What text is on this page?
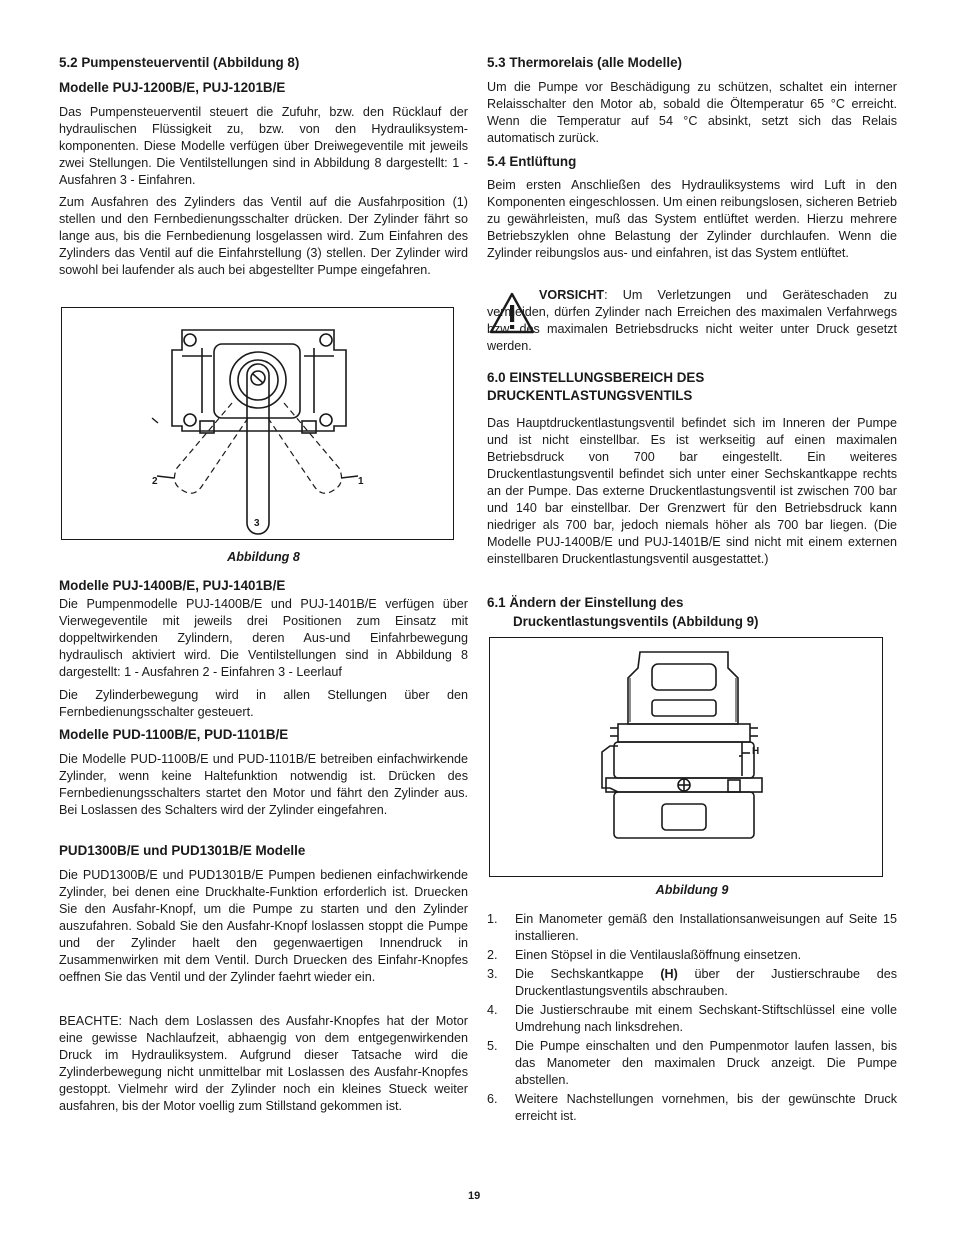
5.2 Pumpensteuerventil (Abbildung 8)
Modelle PUJ-1200B/E, PUJ-1201B/E

Das Pumpensteuerventil steuert die Zufuhr, bzw. den Rücklauf der hydraulischen Flüssigkeit zu, bzw. von den Hydrauliksystem-komponenten. Diese Modelle verfügen über Dreiwegeventile mit jeweils zwei Stellungen. Die Ventilstellungen sind in Abbildung 8 dargestellt: 1 - Ausfahren 3 - Einfahren.

Zum Ausfahren des Zylinders das Ventil auf die Ausfahrposition (1) stellen und den Fernbedienungsschalter drücken. Der Zylinder fährt so lange aus, bis die Fernbedienung losgelassen wird. Zum Einfahren des Zylinders das Ventil auf die Einfahrstellung (3) stellen. Der Zylinder wird sowohl bei laufender als auch bei abgestellter Pumpe eingefahren.

2	1
3
Abbildung 8
Modelle PUJ-1400B/E, PUJ-1401B/E

Die Pumpenmodelle PUJ-1400B/E und PUJ-1401B/E verfügen über Vierwegeventile mit jeweils drei Positionen zum Einsatz mit doppeltwirkenden Zylindern, deren Aus-und Einfahrbewegung hydraulisch aktiviert wird. Die Ventilstellungen sind in Abbildung 8 dargestellt: 1 - Ausfahren 2 - Einfahren 3 - Leerlauf

Die Zylinderbewegung wird in allen Stellungen über den Fernbedienungsschalter gesteuert.

Modelle PUD-1100B/E, PUD-1101B/E

Die Modelle PUD-1100B/E und PUD-1101B/E betreiben einfachwirkende Zylinder, wenn keine Haltefunktion notwendig ist. Drücken des Fernbedienungsschalters startet den Motor und fährt den Zylinder aus. Bei Loslassen des Schalters wird der Zylinder eingefahren.

PUD1300B/E und PUD1301B/E Modelle

Die PUD1300B/E und PUD1301B/E Pumpen bedienen einfachwirkende Zylinder, bei denen eine Druckhalte-Funktion erforderlich ist. Druecken Sie den Ausfahr-Knopf, um die Pumpe zu starten und den Zylinder auszufahren. Sobald Sie den Ausfahr-Knopf loslassen stoppt die Pumpe und der Zylinder haelt den gegenwaertigen Innendruck in Zusammenwirken mit dem Ventil. Durch Druecken des Einfahr-Knopfes oeffnen Sie das Ventil und der Zylinder faehrt wieder ein.

BEACHTE: Nach dem Loslassen des Ausfahr-Knopfes hat der Motor eine gewisse Nachlaufzeit, abhaengig von dem entgegenwirkenden Druck im Hydrauliksystem. Aufgrund dieser Tatsache wird die Zylinderbewegung nicht unmittelbar mit Loslassen des Ausfahr-Knopfes gestoppt. Vielmehr wird der Zylinder noch ein kleines Stueck weiter ausfahren, bis der Motor voellig zum Stillstand gekommen ist.

5.3 Thermorelais (alle Modelle)

Um die Pumpe vor Beschädigung zu schützen, schaltet ein interner Relaisschalter den Motor ab, sobald die Öltemperatur 65 °C erreicht. Wenn die Temperatur auf 54 °C absinkt, setzt sich das Relais automatisch zurück.

5.4 Entlüftung

Beim ersten Anschließen des Hydrauliksystems wird Luft in den Komponenten eingeschlossen. Um einen reibungslosen, sicheren Betrieb zu gewährleisten, muß das System entlüftet werden. Hierzu mehrere Betriebszyklen ohne Belastung der Zylinder durchlaufen. Wenn die Zylinder reibungslos aus- und einfahren, ist das System entlüftet.

VORSICHT: Um Verletzungen und Geräteschaden zu vermeiden, dürfen Zylinder nach Erreichen des maximalen Verfahrwegs bzw. des maximalen Betriebsdrucks nicht weiter unter Druck gesetzt werden.

6.0 EINSTELLUNGSBEREICH DES
DRUCKENTLASTUNGSVENTILS

Das Hauptdruckentlastungsventil befindet sich im Inneren der Pumpe und ist nicht einstellbar. Es ist werkseitig auf einen maximalen Betriebsdruck von 700 bar eingestellt. Ein weiteres Druckentlastungsventil befindet sich unter einer Sechskantkappe rechts an der Pumpe. Das externe Druckentlastungsventil ist zwischen 700 bar und 140 bar einstellbar. Der Grenzwert für den Betriebsdruck kann niedriger als 700 bar, jedoch niemals höher als 700 bar liegen. (Die Modelle PUJ-1400B/E und PUJ-1401B/E sind nicht mit einem externen einstellbaren Druckentlastungsventil ausgestattet.)

6.1 Ändern der Einstellung des
Druckentlastungsventils (Abbildung 9)
H
Abbildung 9
1. Ein Manometer gemäß den Installationsanweisungen auf Seite 15 installieren.
2. Einen Stöpsel in die Ventilauslaßöffnung einsetzen.
3. Die Sechskantkappe (H) über der Justierschraube des Druckentlastungsventils abschrauben.
4. Die Justierschraube mit einem Sechskant-Stiftschlüssel eine volle Umdrehung nach linksdrehen.
5. Die Pumpe einschalten und den Pumpenmotor laufen lassen, bis das Manometer den maximalen Druck anzeigt. Die Pumpe abstellen.
6. Weitere Nachstellungen vornehmen, bis der gewünschte Druck erreicht ist.
19
